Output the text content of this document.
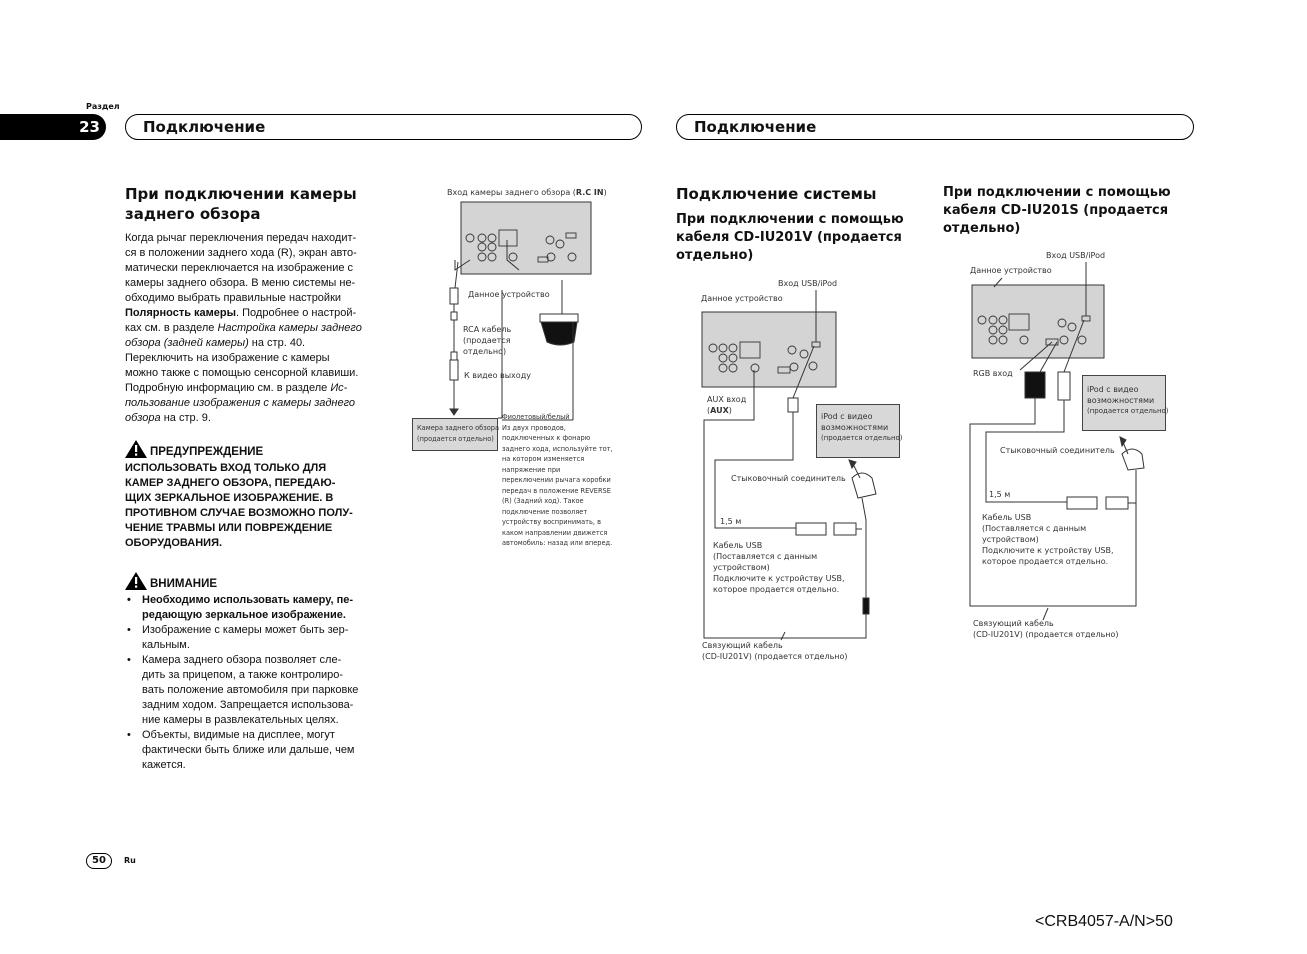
Раздел
23	Подключение	Подключение
При подключении камеры заднего обзора
Когда рычаг переключения передач находит-
ся в положении заднего хода (R), экран авто-
матически переключается на изображение с
камеры заднего обзора. В меню системы не-
обходимо выбрать правильные настройки
Полярность камеры. Подробнее о настрой-
ках см. в разделе Настройка камеры заднего
обзора (задней камеры) на стр. 40.
Переключить на изображение с камеры
можно также с помощью сенсорной клавиши.
Подробную информацию см. в разделе Ис-
пользование изображения с камеры заднего
обзора на стр. 9.
ПРЕДУПРЕЖДЕНИЕ
ИСПОЛЬЗОВАТЬ ВХОД ТОЛЬКО ДЛЯ
КАМЕР ЗАДНЕГО ОБЗОРА, ПЕРЕДАЮ-
ЩИХ ЗЕРКАЛЬНОЕ ИЗОБРАЖЕНИЕ. В
ПРОТИВНОМ СЛУЧАЕ ВОЗМОЖНО ПОЛУ-
ЧЕНИЕ ТРАВМЫ ИЛИ ПОВРЕЖДЕНИЕ
ОБОРУДОВАНИЯ.
ВНИМАНИЕ
• Необходимо использовать камеру, пе-
редающую зеркальное изображение.
• Изображение с камеры может быть зер-
кальным.
• Камера заднего обзора позволяет сле-
дить за прицепом, а также контролиро-
вать положение автомобиля при парковке
задним ходом. Запрещается использова-
ние камеры в развлекательных целях.
• Объекты, видимые на дисплее, могут
фактически быть ближе или дальше, чем
кажется.
Вход камеры заднего обзора (R.C IN)
Данное устройство
RCA кабель
(продается
отдельно)
К видео выходу
Камера заднего обзора
(продается отдельно)
Фиолетовый/белый
Из двух проводов,
подключенных к фонарю
заднего хода, используйте тот,
на котором изменяется
напряжение при
переключении рычага коробки
передач в положение REVERSE
(R) (Задний ход). Такое
подключение позволяет
устройству воспринимать, в
каком направлении движется
автомобиль: назад или вперед.
Подключение системы
При подключении с помощью
кабеля CD-IU201V (продается
отдельно)
При подключении с помощью
кабеля CD-IU201S (продается
отдельно)
Вход USB/iPod
Данное устройство
AUX вход
(AUX)
iPod с видео
возможностями
(продается отдельно)
Стыковочный соединитель
1,5 м
Кабель USB
(Поставляется с данным
устройством)
Подключите к устройству USB,
которое продается отдельно.
Связующий кабель
(CD-IU201V) (продается отдельно)
Вход USB/iPod
Данное устройство
RGB вход
iPod с видео
возможностями
(продается отдельно)
Стыковочный соединитель
1,5 м
Кабель USB
(Поставляется с данным
устройством)
Подключите к устройству USB,
которое продается отдельно.
Связующий кабель
(CD-IU201V) (продается отдельно)
50	Ru
<CRB4057-A/N>50
